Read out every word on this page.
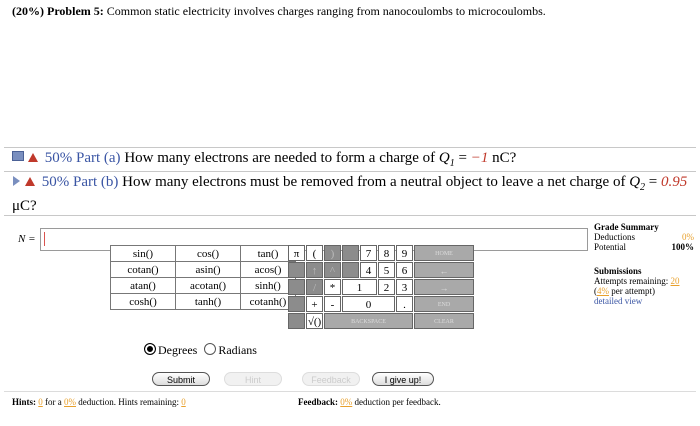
(20%) Problem 5: Common static electricity involves charges ranging from nanocoulombs to microcoulombs.
50% Part (a) How many electrons are needed to form a charge of $Q_1 = -1$ nC?
50% Part (b) How many electrons must be removed from a neutral object to leave a net charge of $Q_2 = 0.95$ μC?
N =
Grade Summary
Deductions	0%
Potential	100%
Submissions
Attempts remaining: 20
(4% per attempt)
detailed view
sin()	cos()	tan()
cotan()	asin()	acos()
atan()	acotan()	sinh()
cosh()	tanh()	cotanh()
Degrees Radians
π	(	)	7	8	9	HOME
↑	^	4	5	6	←
/	*	1	2	3	→
+	-	0	.	END
√()	BACKSPACE	CLEAR
Submit	Hint	Feedback	I give up!
Hints: 0 for a 0% deduction. Hints remaining: 0	Feedback: 0% deduction per feedback.
